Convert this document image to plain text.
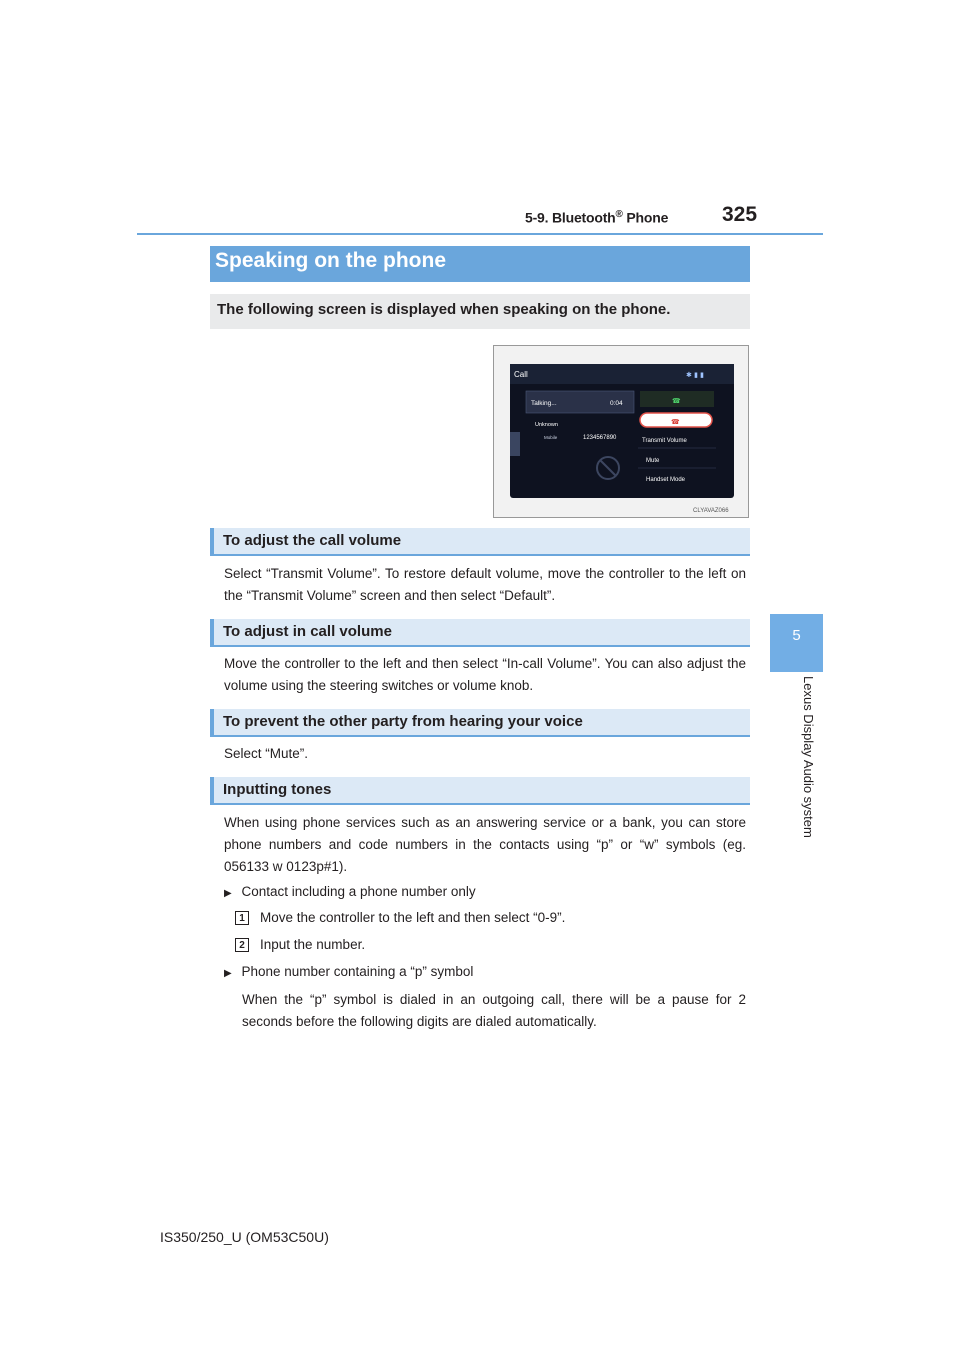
5-9. Bluetooth® Phone	325
5
Lexus Display Audio system
Speaking on the phone
The following screen is displayed when speaking on the phone.
Call	✱ ▮ ▮
Talking...	0:04
Unknown
Mobile	1234567890
☎
☎
Transmit Volume
Mute
Handset Mode
CLYAVAZ066
To adjust the call volume
Select “Transmit Volume”. To restore default volume, move the controller to the left on the “Transmit Volume” screen and then select “Default”.
To adjust in call volume
Move the controller to the left and then select “In-call Volume”. You can also adjust the volume using the steering switches or volume knob.
To prevent the other party from hearing your voice
Select “Mute”.
Inputting tones
When using phone services such as an answering service or a bank, you can store phone numbers and code numbers in the contacts using “p” or “w” symbols (eg. 056133 w 0123p#1).
▶ Contact including a phone number only
1	Move the controller to the left and then select “0-9”.
2	Input the number.
▶ Phone number containing a “p” symbol
When the “p” symbol is dialed in an outgoing call, there will be a pause for 2 seconds before the following digits are dialed automatically.
IS350/250_U (OM53C50U)
